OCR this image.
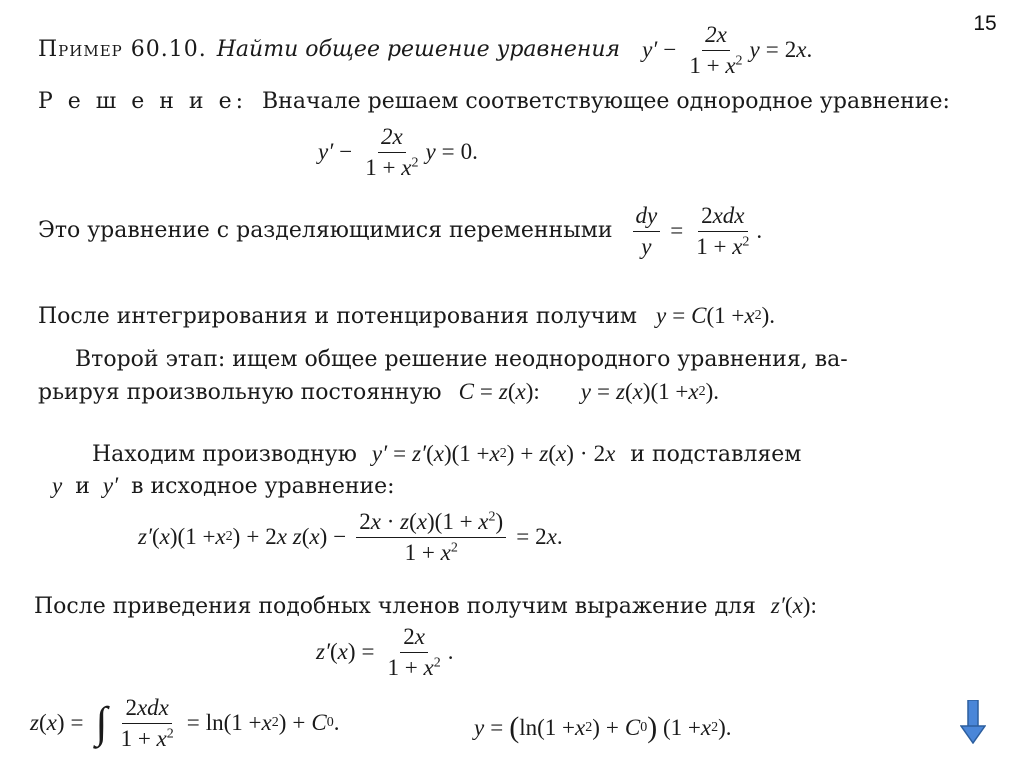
15
Пример 60.10. Найти общее решение уравнения $y' - \frac{2x}{1 + x^2}$ y = 2 x .
Р е ш е н и е: Вначале решаем соответствующее однородное уравнение:
$y' - \frac{2x}{1 + x^2}$ y = 0.
Это уравнение с разделяющимися переменными $\frac{dy}{y} = \frac{\text{2xdx}}{1 + x^2}$ .
После интегрирования и потенцирования получим y = C (1 + x 2 ).
Второй этап: ищем общее решение неоднородного уравнения, ва-
рьируя произвольную постоянную C = z ( x ): y = z ( x )(1 + x 2 ).
Находим производную y′ = z′ ( x )(1 + x 2 ) + z ( x ) · 2 x и подставляем
y и y′ в исходное уравнение:
z′ ( x )(1 + x 2 ) + 2 x
z ( x ) − $\frac{2x \cdot z(x)(1 + x^2)}{1 + x^2} = 2$ x .
После приведения подобных членов получим выражение для z′ ( x ):
z′ ( x ) = $\frac{2x}{1 + x^2}$ .
z ( x ) = ∫ $\frac{\text{2xdx}}{1 + x^2} = \ln(1 + x$ 2 ) + C 0 .	y = ( ln(1 + x 2 ) + C 0 ) (1 + x 2 ).
